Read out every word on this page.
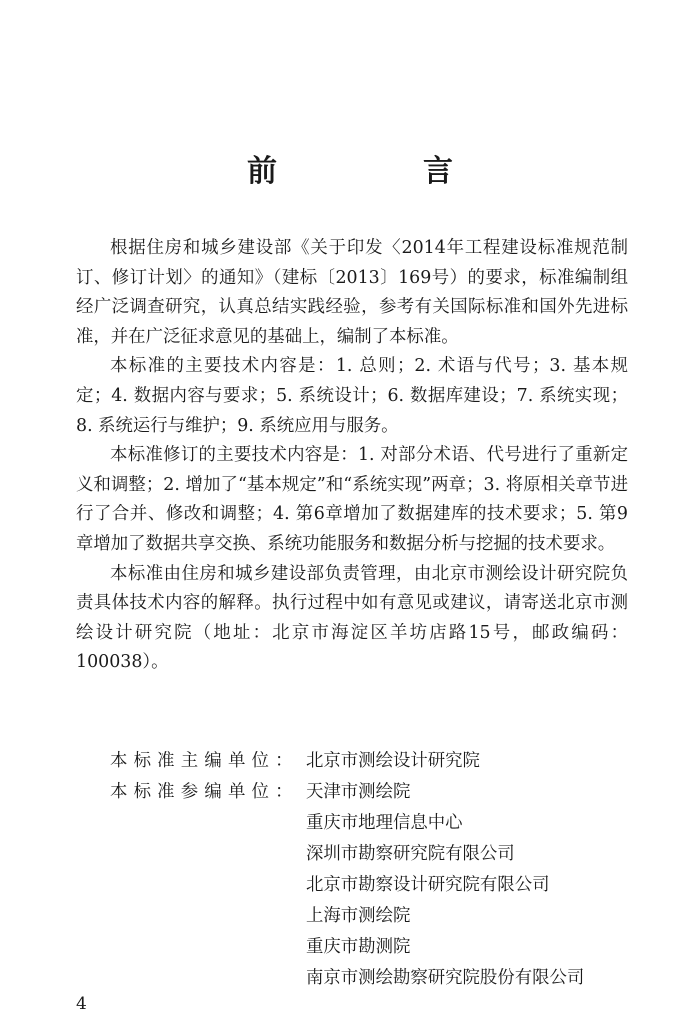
前　言

根据住房和城乡建设部《关于印发〈2014年工程建设标准规范制订、修订计划〉的通知》（建标〔2013〕169号）的要求，标准编制组经广泛调查研究，认真总结实践经验，参考有关国际标准和国外先进标准，并在广泛征求意见的基础上，编制了本标准。

本标准的主要技术内容是：1. 总则；2. 术语与代号；3. 基本规定；4. 数据内容与要求；5. 系统设计；6. 数据库建设；7. 系统实现；8. 系统运行与维护；9. 系统应用与服务。

本标准修订的主要技术内容是：1. 对部分术语、代号进行了重新定义和调整；2. 增加了“基本规定”和“系统实现”两章；3. 将原相关章节进行了合并、修改和调整；4. 第6章增加了数据建库的技术要求；5. 第9章增加了数据共享交换、系统功能服务和数据分析与挖掘的技术要求。

本标准由住房和城乡建设部负责管理，由北京市测绘设计研究院负责具体技术内容的解释。执行过程中如有意见或建议，请寄送北京市测绘设计研究院（地址：北京市海淀区羊坊店路15号，邮政编码：100038）。

本标准主编单位： 北京市测绘设计研究院
本标准参编单位： 天津市测绘院
重庆市地理信息中心
深圳市勘察研究院有限公司
北京市勘察设计研究院有限公司
上海市测绘院
重庆市勘测院
南京市测绘勘察研究院股份有限公司
4
